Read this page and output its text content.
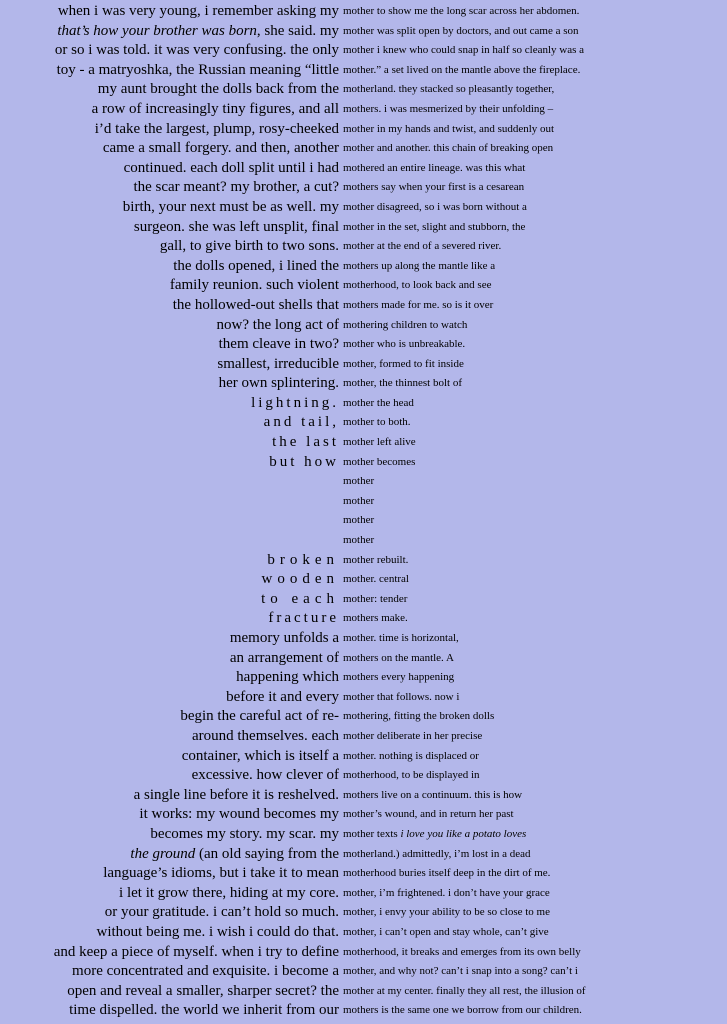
when i was very young, i remember asking my mother to show me the long scar across her abdomen.
that’s how your brother was born, she said. my mother was split open by doctors, and out came a son
or so i was told. it was very confusing. the only mother i knew who could snap in half so cleanly was a
toy - a matryoshka, the Russian meaning “little mother.” a set lived on the mantle above the fireplace.
my aunt brought the dolls back from the motherland. they stacked so pleasantly together,
a row of increasingly tiny figures, and all mothers. i was mesmerized by their unfolding –
i’d take the largest, plump, rosy-cheeked mother in my hands and twist, and suddenly out
came a small forgery. and then, another mother and another. this chain of breaking open
continued. each doll split until i had mothered an entire lineage. was this what
the scar meant? my brother, a cut? mothers say when your first is a cesarean
birth, your next must be as well. my mother disagreed, so i was born without a
surgeon. she was left unsplit, final mother in the set, slight and stubborn, the
gall, to give birth to two sons. mother at the end of a severed river.
the dolls opened, i lined the mothers up along the mantle like a
family reunion. such violent motherhood, to look back and see
the hollowed-out shells that mothers made for me. so is it over
now? the long act of mothering children to watch
them cleave in two? mother who is unbreakable.
smallest, irreducible mother, formed to fit inside
her own splintering. mother, the thinnest bolt of
lightning. mother the head
and tail, mother to both.
the last mother left alive
but how mother becomes
mother
mother
mother
mother
broken mother rebuilt.
wooden mother. central
to each mother: tender
fracture mothers make.
memory unfolds a mother. time is horizontal,
an arrangement of mothers on the mantle. A
happening which mothers every happening
before it and every mother that follows. now i
begin the careful act of re- mothering, fitting the broken dolls
around themselves. each mother deliberate in her precise
container, which is itself a mother. nothing is displaced or
excessive. how clever of motherhood, to be displayed in
a single line before it is reshelved. mothers live on a continuum. this is how
it works: my wound becomes my mother’s wound, and in return her past
becomes my story. my scar. my mother texts i love you like a potato loves
the ground (an old saying from the motherland.) admittedly, i’m lost in a dead
language’s idioms, but i take it to mean motherhood buries itself deep in the dirt of me.
i let it grow there, hiding at my core. mother, i’m frightened. i don’t have your grace
or your gratitude. i can’t hold so much. mother, i envy your ability to be so close to me
without being me. i wish i could do that. mother, i can’t open and stay whole, can’t give
and keep a piece of myself. when i try to define motherhood, it breaks and emerges from its own belly
more concentrated and exquisite. i become a mother, and why not? can’t i snap into a song? can’t i
open and reveal a smaller, sharper secret? the mother at my center. finally they all rest, the illusion of
time dispelled. the world we inherit from our mothers is the same one we borrow from our children.
